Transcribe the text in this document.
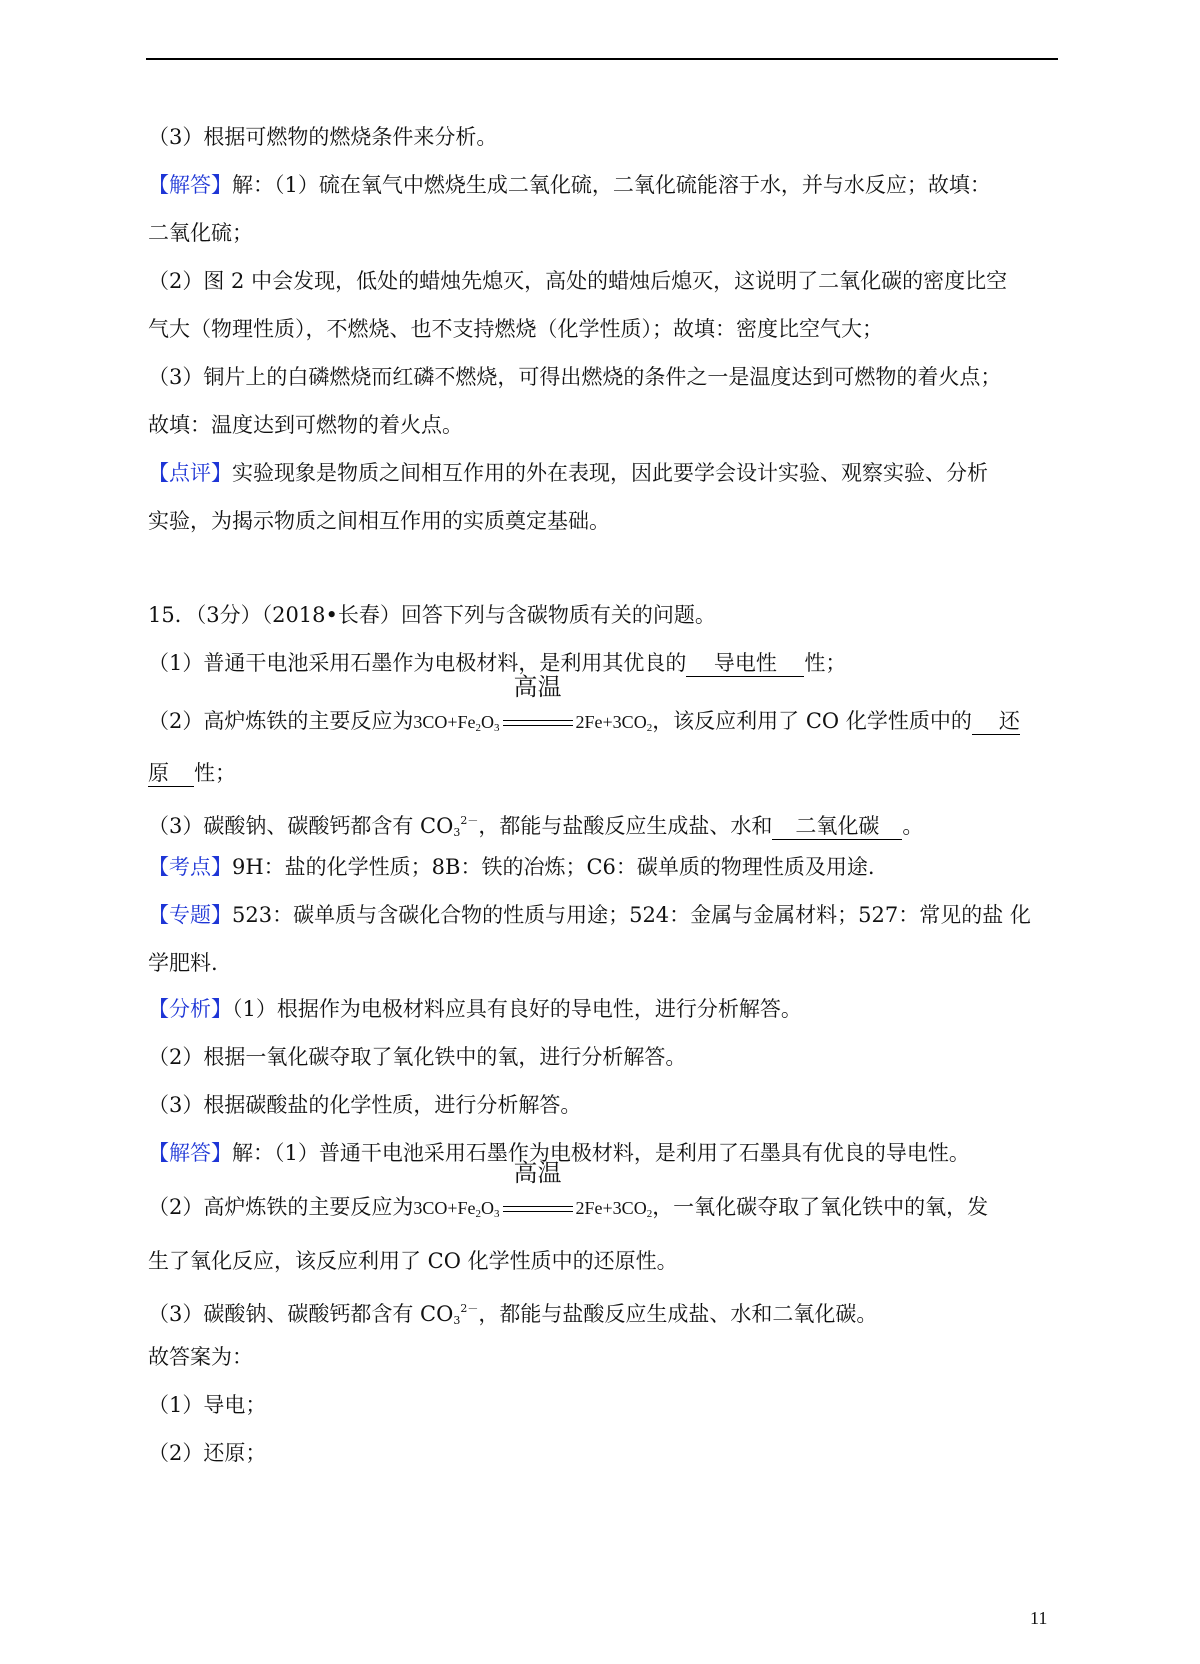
（3）根据可燃物的燃烧条件来分析。
【解答】解：（1）硫在氧气中燃烧生成二氧化硫，二氧化硫能溶于水，并与水反应；故填：
二氧化硫；
（2）图 2 中会发现，低处的蜡烛先熄灭，高处的蜡烛后熄灭，这说明了二氧化碳的密度比空
气大（物理性质），不燃烧、也不支持燃烧（化学性质）；故填：密度比空气大；
（3）铜片上的白磷燃烧而红磷不燃烧，可得出燃烧的条件之一是温度达到可燃物的着火点；
故填：温度达到可燃物的着火点。
【点评】实验现象是物质之间相互作用的外在表现，因此要学会设计实验、观察实验、分析
实验，为揭示物质之间相互作用的实质奠定基础。
15．（3分）（2018•长春）回答下列与含碳物质有关的问题。
（1）普通干电池采用石墨作为电极材料，是利用其优良的 导电性 性；
（2）高炉炼铁的主要反应为$3CO+Fe_2O_3$
高温
$2Fe+3CO_2$，该反应利用了 CO 化学性质中的 还
原 性；
（3）碳酸钠、碳酸钙都含有 $CO_3^{2-}$，都能与盐酸反应生成盐、水和 二氧化碳 。
【考点】9H：盐的化学性质；8B：铁的冶炼；C6：碳单质的物理性质及用途.
【专题】523：碳单质与含碳化合物的性质与用途；524：金属与金属材料；527：常见的盐 化
学肥料.
【分析】（1）根据作为电极材料应具有良好的导电性，进行分析解答。
（2）根据一氧化碳夺取了氧化铁中的氧，进行分析解答。
（3）根据碳酸盐的化学性质，进行分析解答。
【解答】解：（1）普通干电池采用石墨作为电极材料，是利用了石墨具有优良的导电性。
（2）高炉炼铁的主要反应为$3CO+Fe_2O_3$
高温
$2Fe+3CO_2$，一氧化碳夺取了氧化铁中的氧，发
生了氧化反应，该反应利用了 CO 化学性质中的还原性。
（3）碳酸钠、碳酸钙都含有 $CO_3^{2-}$，都能与盐酸反应生成盐、水和二氧化碳。
故答案为：
（1）导电；
（2）还原；
11
